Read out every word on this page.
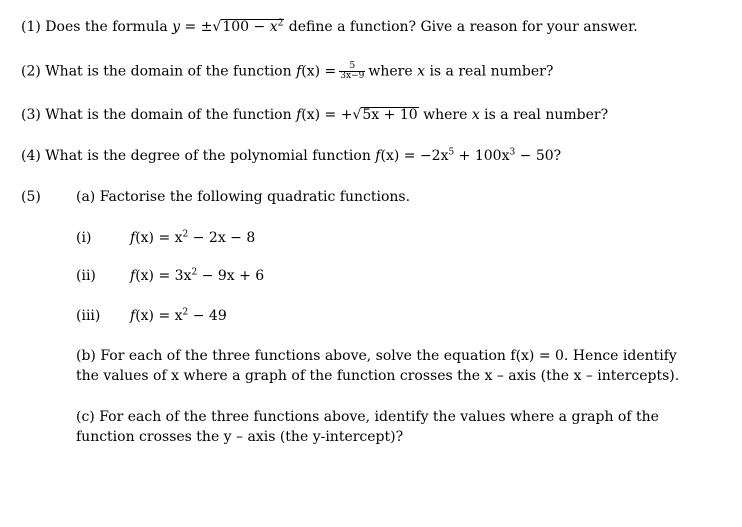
(1) Does the formula $y = \pm√100 - x^2$ define a function? Give a reason for your answer.
(2) What is the domain of the function $f(x) = \frac{5}{3x-9}$ where x is a real number?
(3) What is the domain of the function f(x) = +√5x + 10 where x is a real number?
(4) What is the degree of the polynomial function $f(x) = -2x^5 + 100x^3 - 50$?
(5)	(a) Factorise the following quadratic functions.
(i)	$f(x) = x^2 - 2x - 8$
(ii) $f(x) = 3x^2 - 9x + 6$
(iii) $f(x) = x^2 - 49$
(b) For each of the three functions above, solve the equation f(x) = 0. Hence identify
the values of x where a graph of the function crosses the x – axis (the x – intercepts).
(c) For each of the three functions above, identify the values where a graph of the
function crosses the y – axis (the y-intercept)?
